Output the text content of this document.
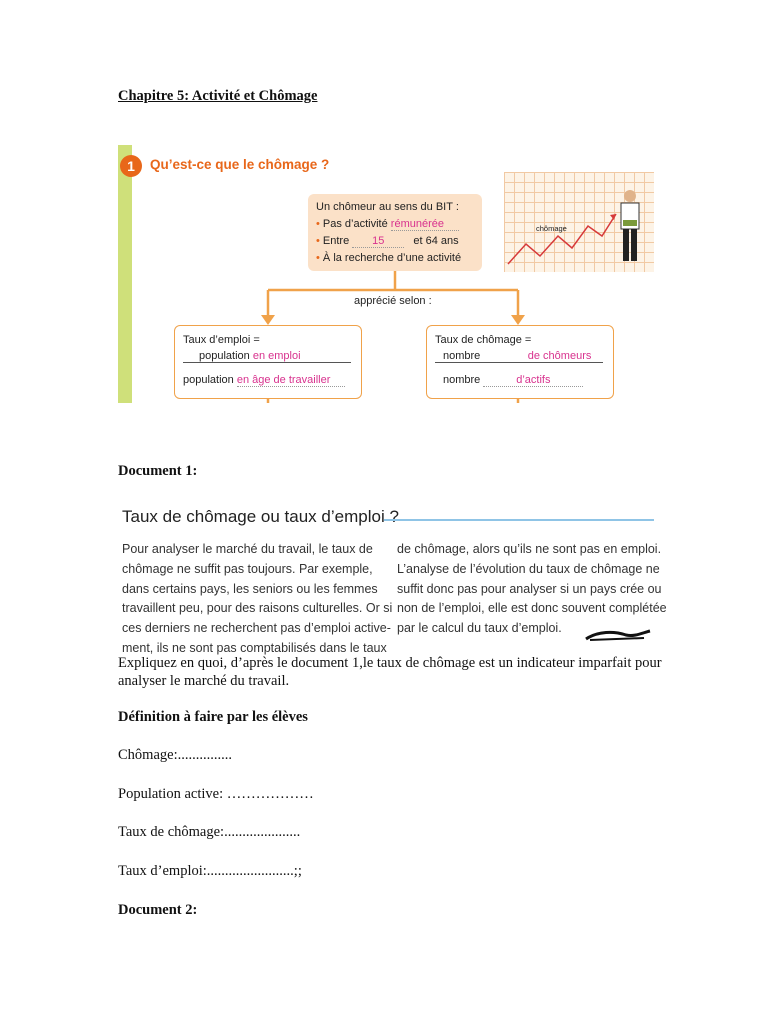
Chapitre 5: Activité et Chômage
1	Qu’est-ce que le chômage ?
Un chômeur au sens du BIT :
• Pas d’activité rémunérée
• Entre 15	et 64 ans
• À la recherche d’une activité
chômage
apprécié selon :
Taux d’emploi =
population en emploi
population en âge de travailler
Taux de chômage =
nombre	de chômeurs
nombre	d’actifs
Document 1:
Taux de chômage ou taux d’emploi ?
Pour analyser le marché du travail, le taux de
chômage ne suffit pas toujours. Par exemple,
dans certains pays, les seniors ou les femmes
travaillent peu, pour des raisons culturelles. Or si
ces derniers ne recherchent pas d’emploi active-
ment, ils ne sont pas comptabilisés dans le taux
de chômage, alors qu’ils ne sont pas en emploi.
L’analyse de l’évolution du taux de chômage ne
suffit donc pas pour analyser si un pays crée ou
non de l’emploi, elle est donc souvent complétée
par le calcul du taux d’emploi.
Expliquez en quoi, d’après le document 1,le taux de chômage est un indicateur imparfait pour
analyser le marché du travail.
Définition à faire par les élèves
Chômage:...............
Population active: ………………
Taux de chômage:.....................
Taux d’emploi:........................;;
Document 2:
